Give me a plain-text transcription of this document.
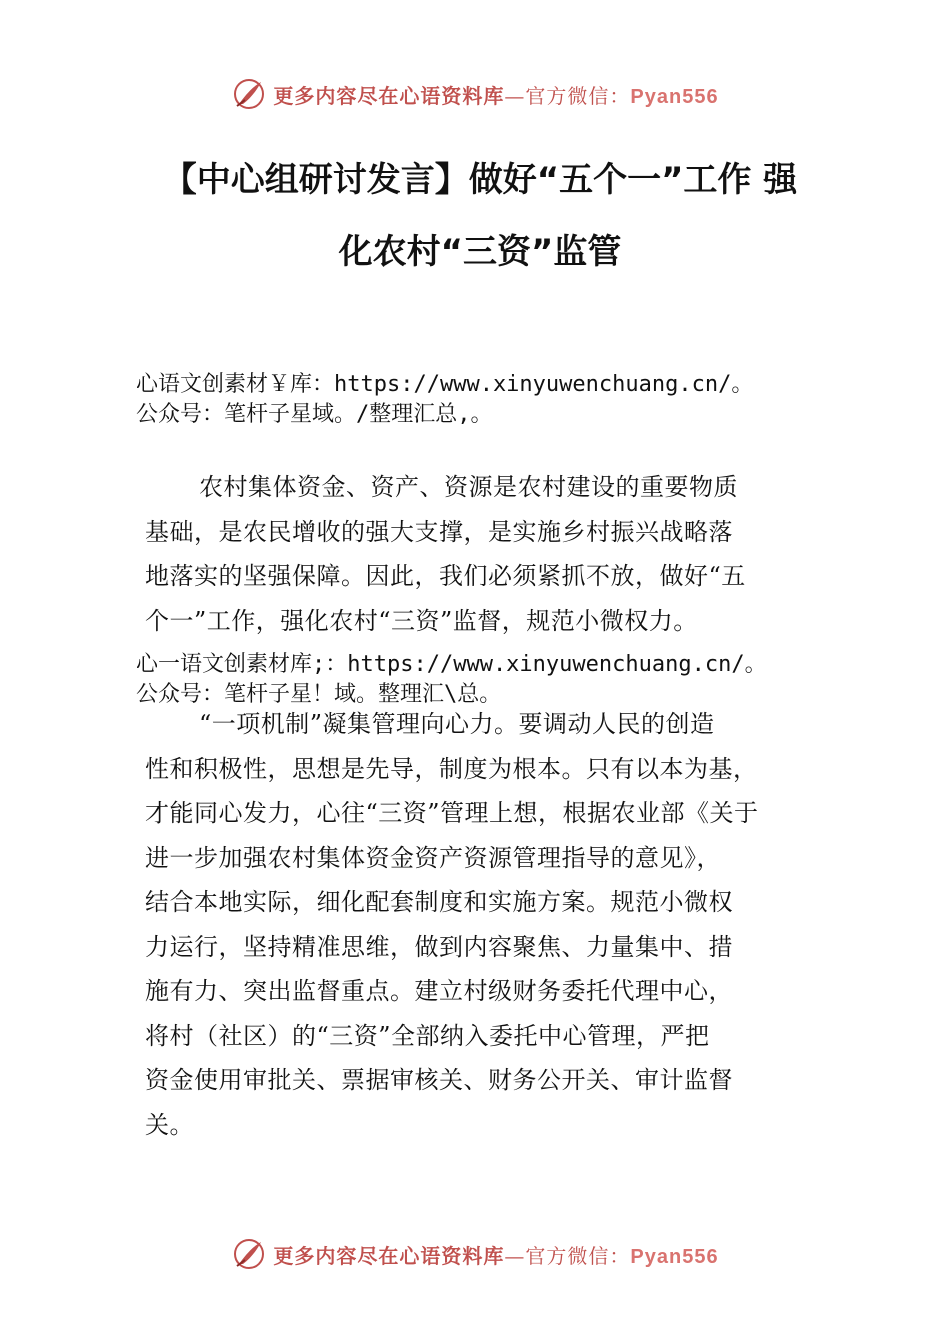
更多内容尽在心语资料库—官方微信：Pyan556
【中心组研讨发言】做好“五个一”工作 强
化农村“三资”监管
心语文创素材￥库：https://www.xinyuwenchuang.cn/。
公众号：笔杆子星域。/整理汇总,。
农村集体资金、资产、资源是农村建设的重要物质
基础，是农民增收的强大支撑，是实施乡村振兴战略落
地落实的坚强保障。因此，我们必须紧抓不放，做好“五
个一”工作，强化农村“三资”监督，规范小微权力。
心一语文创素材库;：https://www.xinyuwenchuang.cn/。
公众号：笔杆子星！域。整理汇\总。
“一项机制”凝集管理向心力。要调动人民的创造
性和积极性，思想是先导，制度为根本。只有以本为基，
才能同心发力，心往“三资”管理上想，根据农业部《关于
进一步加强农村集体资金资产资源管理指导的意见》，
结合本地实际，细化配套制度和实施方案。规范小微权
力运行，坚持精准思维，做到内容聚焦、力量集中、措
施有力、突出监督重点。建立村级财务委托代理中心，
将村（社区）的“三资”全部纳入委托中心管理，严把
资金使用审批关、票据审核关、财务公开关、审计监督
关。
更多内容尽在心语资料库—官方微信：Pyan556
